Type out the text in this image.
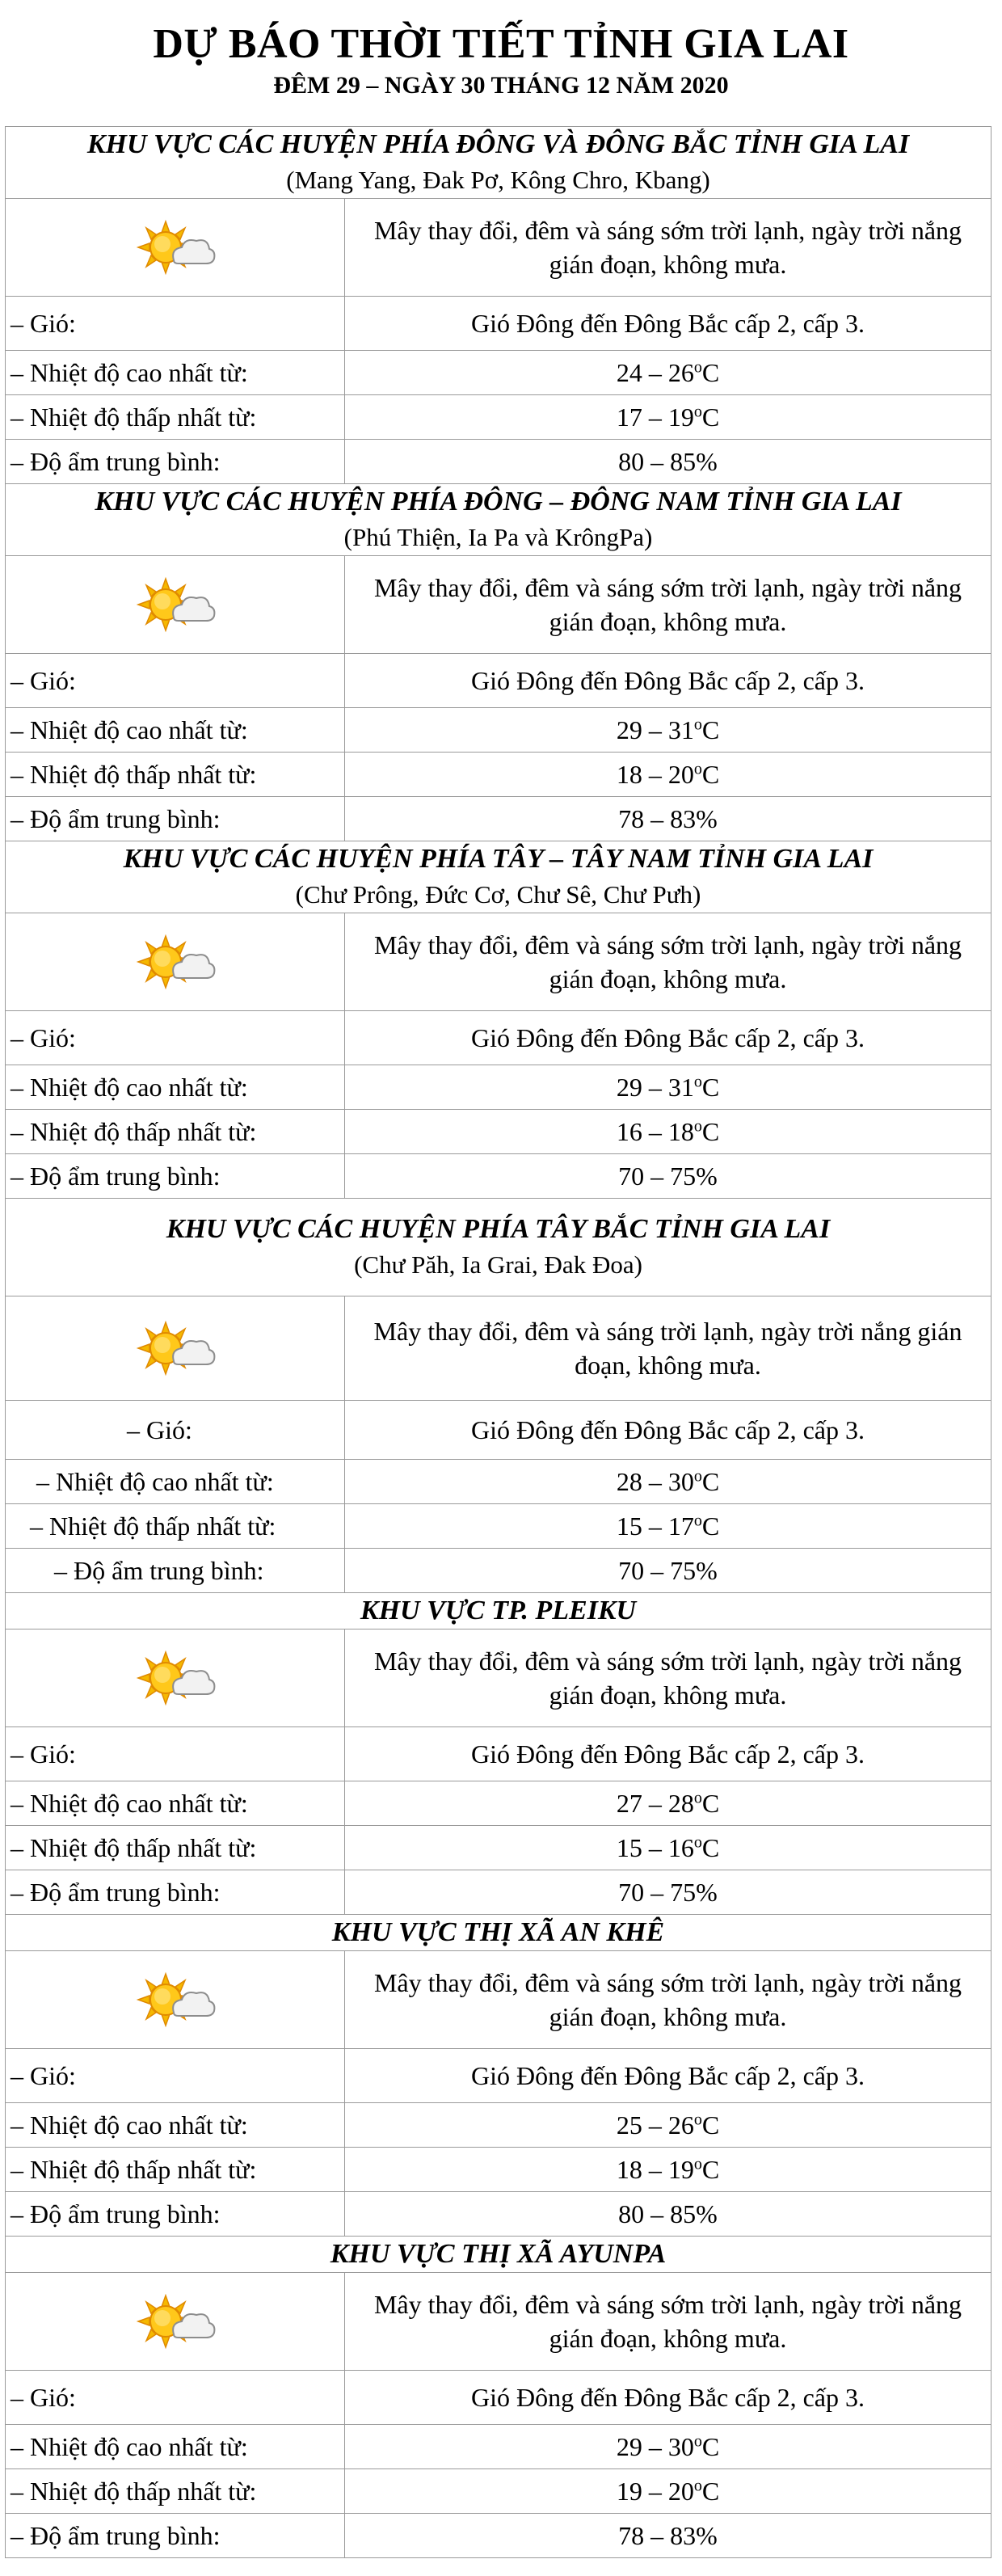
DỰ BÁO THỜI TIẾT TỈNH GIA LAI
ĐÊM 29 – NGÀY 30 THÁNG 12 NĂM 2020
KHU VỰC CÁC HUYỆN PHÍA ĐÔNG VÀ ĐÔNG BẮC TỈNH GIA LAI
(Mang Yang, Đak Pơ, Kông Chro, Kbang)	

	Mây thay đổi, đêm và sáng sớm trời lạnh, ngày trời nắng gián đoạn, không mưa.
– Gió:	Gió Đông đến Đông Bắc cấp 2, cấp 3.
– Nhiệt độ cao nhất từ:	24 – 26$^o$C
– Nhiệt độ thấp nhất từ:	17 – 19$^o$C
– Độ ẩm trung bình:	80 – 85%

KHU VỰC CÁC HUYỆN PHÍA ĐÔNG – ĐÔNG NAM TỈNH GIA LAI
(Phú Thiện, Ia Pa và KrôngPa)	

	Mây thay đổi, đêm và sáng sớm trời lạnh, ngày trời nắng gián đoạn, không mưa.
– Gió:	Gió Đông đến Đông Bắc cấp 2, cấp 3.
– Nhiệt độ cao nhất từ:	29 – 31$^o$C
– Nhiệt độ thấp nhất từ:	18 – 20$^o$C
– Độ ẩm trung bình:	78 – 83%

KHU VỰC CÁC HUYỆN PHÍA TÂY – TÂY NAM TỈNH GIA LAI
(Chư Prông, Đức Cơ, Chư Sê, Chư Pưh)	

	Mây thay đổi, đêm và sáng sớm trời lạnh, ngày trời nắng gián đoạn, không mưa.
– Gió:	Gió Đông đến Đông Bắc cấp 2, cấp 3.
– Nhiệt độ cao nhất từ:	29 – 31$^o$C
– Nhiệt độ thấp nhất từ:	16 – 18$^o$C
– Độ ẩm trung bình:	70 – 75%

KHU VỰC CÁC HUYỆN PHÍA TÂY BẮC TỈNH GIA LAI
(Chư Păh, Ia Grai, Đak Đoa)	

	Mây thay đổi, đêm và sáng trời lạnh, ngày trời nắng gián đoạn, không mưa.
– Gió:	Gió Đông đến Đông Bắc cấp 2, cấp 3.
– Nhiệt độ cao nhất từ:	28 – 30$^o$C
– Nhiệt độ thấp nhất từ:	15 – 17$^o$C
– Độ ẩm trung bình:	70 – 75%

KHU VỰC TP. PLEIKU	

	Mây thay đổi, đêm và sáng sớm trời lạnh, ngày trời nắng gián đoạn, không mưa.
– Gió:	Gió Đông đến Đông Bắc cấp 2, cấp 3.
– Nhiệt độ cao nhất từ:	27 – 28$^o$C
– Nhiệt độ thấp nhất từ:	15 – 16$^o$C
– Độ ẩm trung bình:	70 – 75%

KHU VỰC THỊ XÃ AN KHÊ	

	Mây thay đổi, đêm và sáng sớm trời lạnh, ngày trời nắng gián đoạn, không mưa.
– Gió:	Gió Đông đến Đông Bắc cấp 2, cấp 3.
– Nhiệt độ cao nhất từ:	25 – 26$^o$C
– Nhiệt độ thấp nhất từ:	18 – 19$^o$C
– Độ ẩm trung bình:	80 – 85%

KHU VỰC THỊ XÃ AYUNPA	

	Mây thay đổi, đêm và sáng sớm trời lạnh, ngày trời nắng gián đoạn, không mưa.
– Gió:	Gió Đông đến Đông Bắc cấp 2, cấp 3.
– Nhiệt độ cao nhất từ:	29 – 30$^o$C
– Nhiệt độ thấp nhất từ:	19 – 20$^o$C
– Độ ẩm trung bình:	78 – 83%
